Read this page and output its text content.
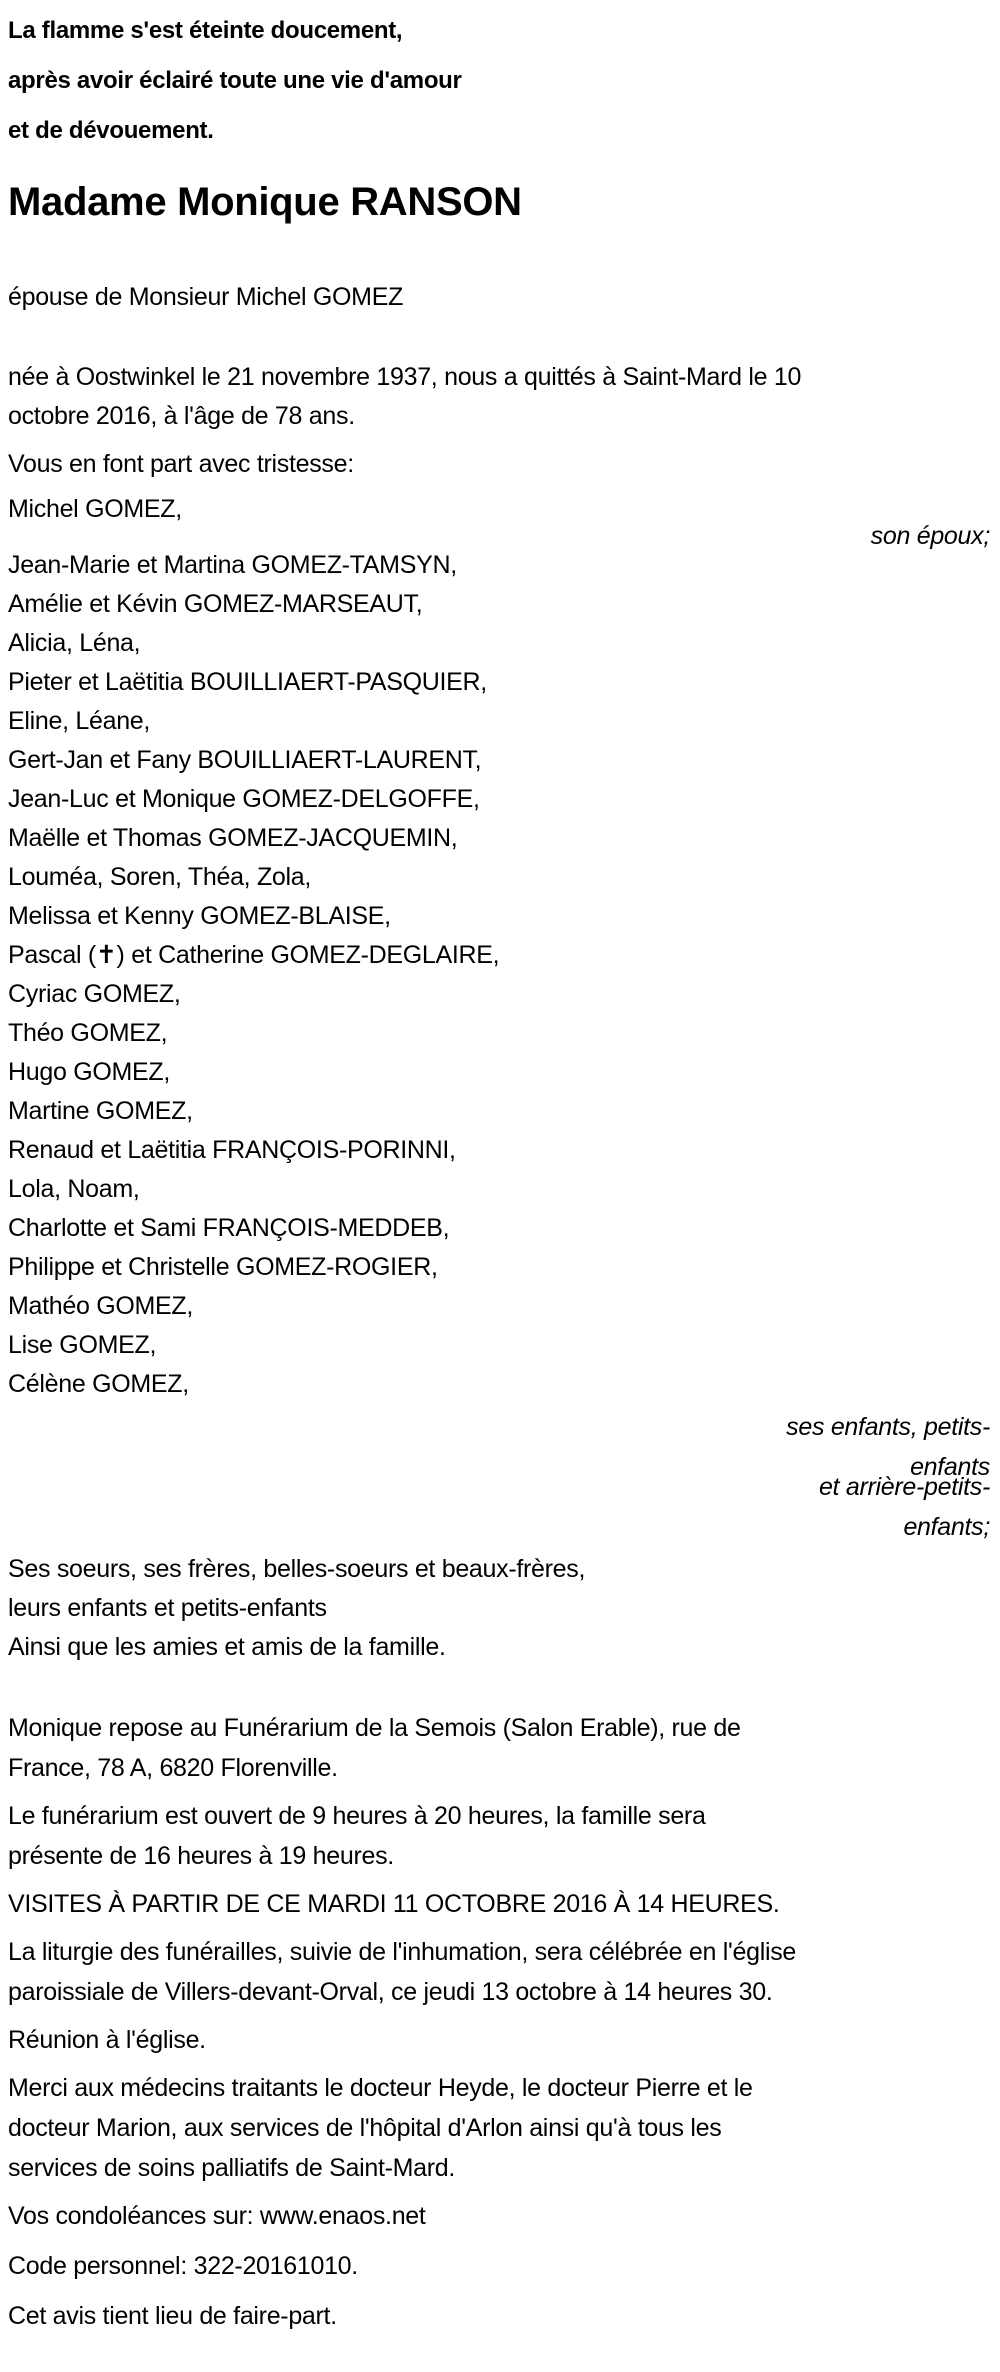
La flamme s'est éteinte doucement,
après avoir éclairé toute une vie d'amour
et de dévouement.
Madame Monique RANSON
épouse de Monsieur Michel GOMEZ
née à Oostwinkel le 21 novembre 1937, nous a quittés à Saint-Mard le 10
octobre 2016, à l'âge de 78 ans.
Vous en font part avec tristesse:
Michel GOMEZ,
son époux;
Jean-Marie et Martina GOMEZ-TAMSYN,
Amélie et Kévin GOMEZ-MARSEAUT,
Alicia, Léna,
Pieter et Laëtitia BOUILLIAERT-PASQUIER,
Eline, Léane,
Gert-Jan et Fany BOUILLIAERT-LAURENT,
Jean-Luc et Monique GOMEZ-DELGOFFE,
Maëlle et Thomas GOMEZ-JACQUEMIN,
Louméa, Soren, Théa, Zola,
Melissa et Kenny GOMEZ-BLAISE,
Pascal (✝) et Catherine GOMEZ-DEGLAIRE,
Cyriac GOMEZ,
Théo GOMEZ,
Hugo GOMEZ,
Martine GOMEZ,
Renaud et Laëtitia FRANÇOIS-PORINNI,
Lola, Noam,
Charlotte et Sami FRANÇOIS-MEDDEB,
Philippe et Christelle GOMEZ-ROGIER,
Mathéo GOMEZ,
Lise GOMEZ,
Célène GOMEZ,
ses enfants, petits-
enfants
et arrière-petits-
enfants;
Ses soeurs, ses frères, belles-soeurs et beaux-frères,
leurs enfants et petits-enfants
Ainsi que les amies et amis de la famille.
Monique repose au Funérarium de la Semois (Salon Erable), rue de
France, 78 A, 6820 Florenville.
Le funérarium est ouvert de 9 heures à 20 heures, la famille sera
présente de 16 heures à 19 heures.
VISITES À PARTIR DE CE MARDI 11 OCTOBRE 2016 À 14 HEURES.
La liturgie des funérailles, suivie de l'inhumation, sera célébrée en l'église
paroissiale de Villers-devant-Orval, ce jeudi 13 octobre à 14 heures 30.
Réunion à l'église.
Merci aux médecins traitants le docteur Heyde, le docteur Pierre et le
docteur Marion, aux services de l'hôpital d'Arlon ainsi qu'à tous les
services de soins palliatifs de Saint-Mard.
Vos condoléances sur: www.enaos.net
Code personnel: 322-20161010.
Cet avis tient lieu de faire-part.
